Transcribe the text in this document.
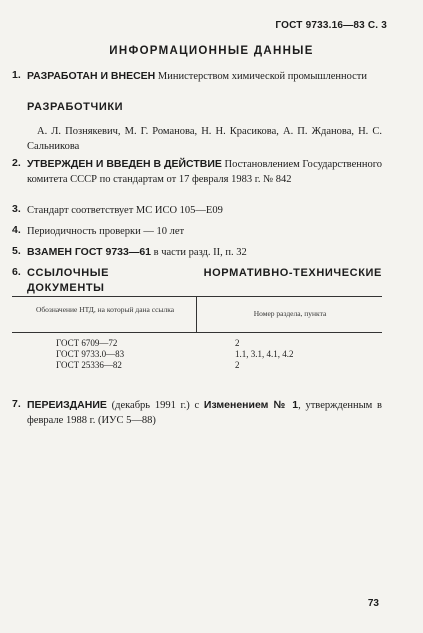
ГОСТ 9733.16—83 С. 3
ИНФОРМАЦИОННЫЕ ДАННЫЕ
1. РАЗРАБОТАН И ВНЕСЕН Министерством химической промышленности
РАЗРАБОТЧИКИ
А. Л. Познякевич, М. Г. Романова, Н. Н. Красикова, А. П. Жданова, Н. С. Сальникова
2. УТВЕРЖДЕН И ВВЕДЕН В ДЕЙСТВИЕ Постановлением Государственного комитета СССР по стандартам от 17 февраля 1983 г. № 842
3. Стандарт соответствует МС ИСО 105—Е09
4. Периодичность проверки — 10 лет
5. ВЗАМЕН ГОСТ 9733—61 в части разд. II, п. 32
6. ССЫЛОЧНЫЕ НОРМАТИВНО-ТЕХНИЧЕСКИЕ ДОКУМЕНТЫ
Обозначение НТД, на который дана ссылка	Номер раздела, пункта
ГОСТ 6709—72	2
ГОСТ 9733.0—83	1.1, 3.1, 4.1, 4.2
ГОСТ 25336—82	2
7. ПЕРЕИЗДАНИЕ (декабрь 1991 г.) с Изменением № 1, утвержденным в феврале 1988 г. (ИУС 5—88)
73
